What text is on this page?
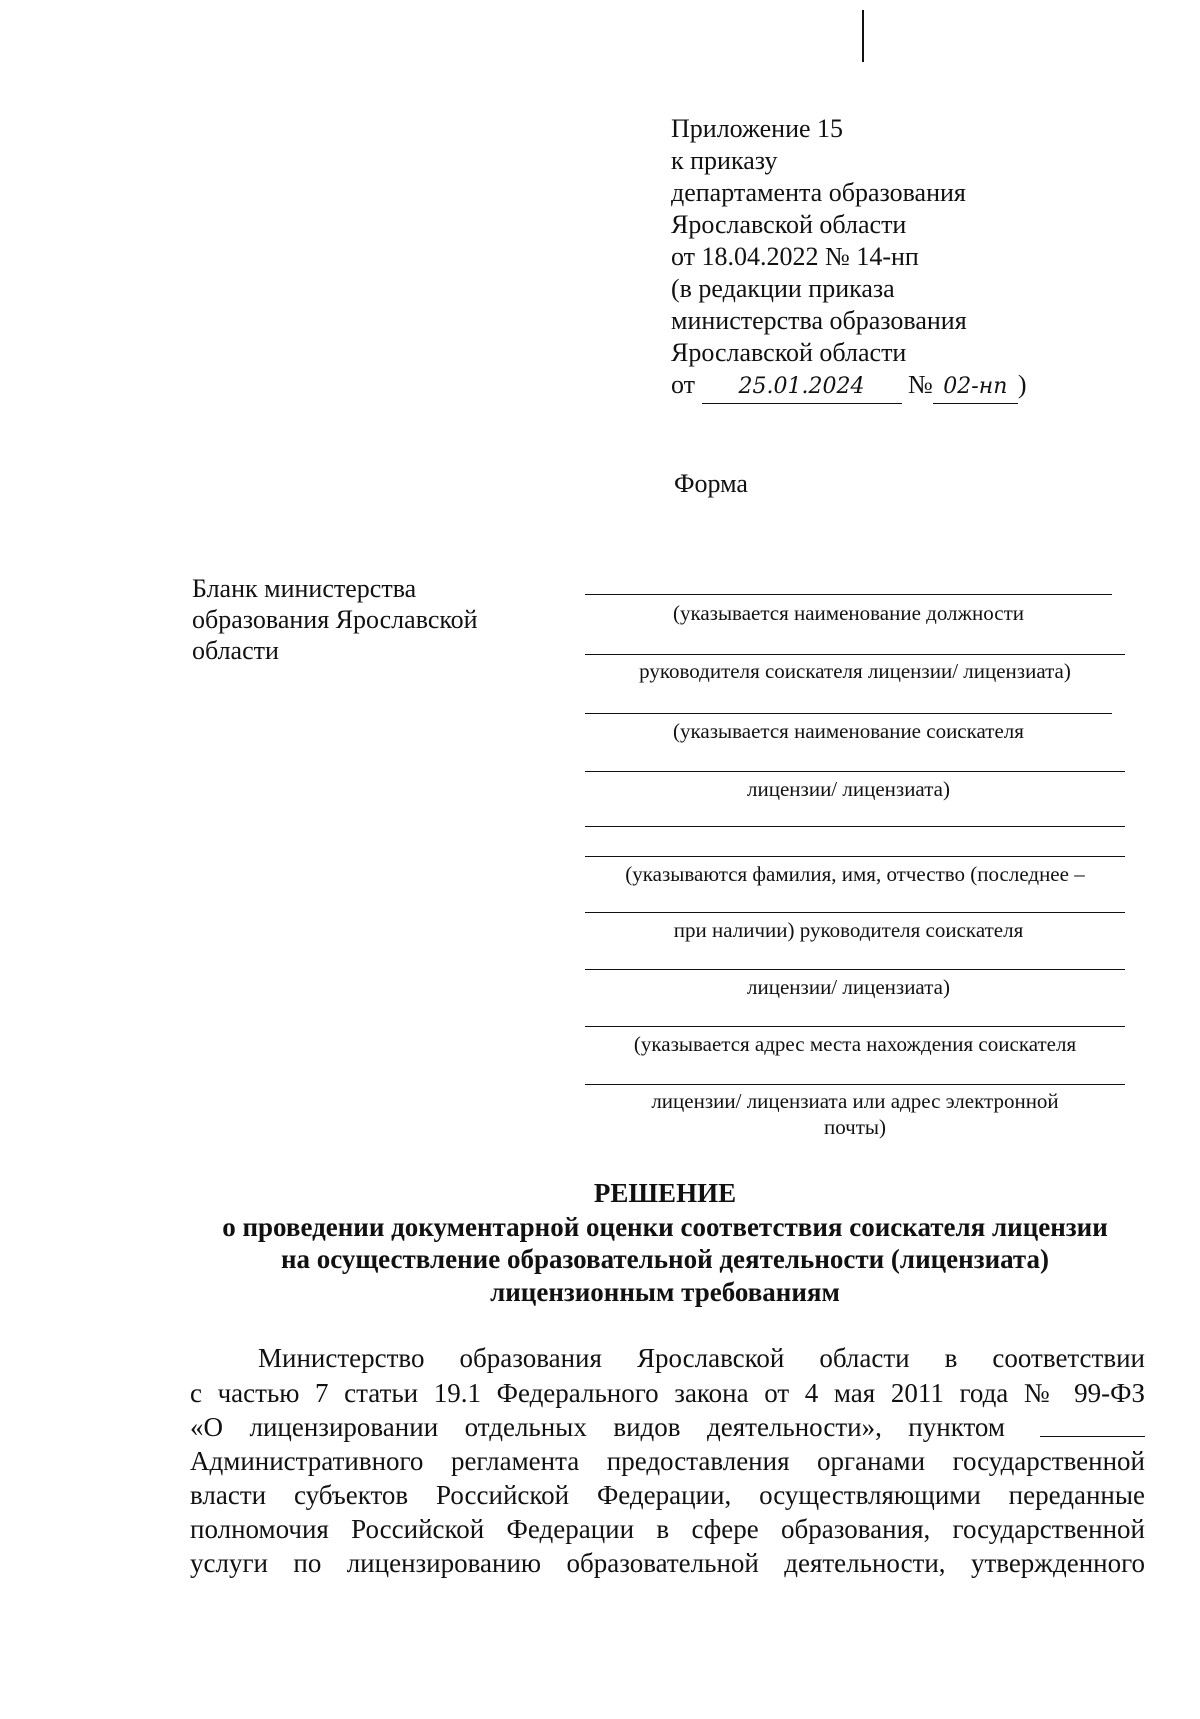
Приложение 15
к приказу
департамента образования
Ярославской области
от 18.04.2022 № 14-нп
(в редакции приказа
министерства образования
Ярославской области
от 25.01.2024 № 02-нп )
Форма
Бланк министерства образования Ярославской области
(указывается наименование должности
руководителя соискателя лицензии/ лицензиата)
(указывается наименование соискателя
лицензии/ лицензиата)
(указываются фамилия, имя, отчество (последнее –
при наличии) руководителя соискателя
лицензии/ лицензиата)
(указывается адрес места нахождения соискателя
лицензии/ лицензиата или адрес электронной
почты)
РЕШЕНИЕ
о проведении документарной оценки соответствия соискателя лицензии
на осуществление образовательной деятельности (лицензиата)
лицензионным требованиям
Министерство образования Ярославской области в соответствии
с частью 7 статьи 19.1 Федерального закона от 4 мая 2011 года № 99-ФЗ
«О лицензировании отдельных видов деятельности», пунктом
Административного регламента предоставления органами государственной
власти субъектов Российской Федерации, осуществляющими переданные
полномочия Российской Федерации в сфере образования, государственной
услуги по лицензированию образовательной деятельности, утвержденного
